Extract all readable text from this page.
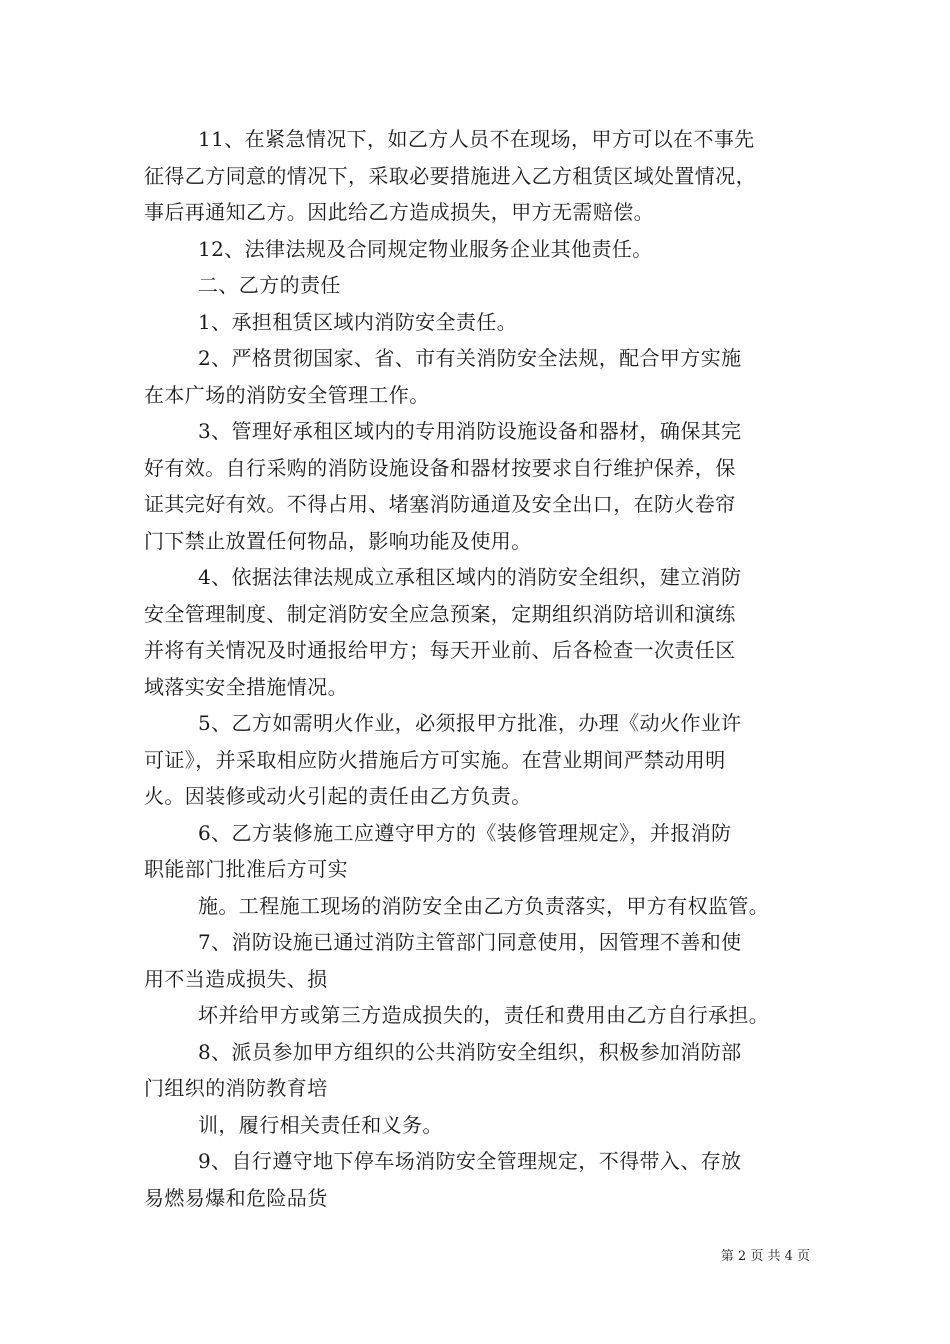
11、在紧急情况下，如乙方人员不在现场，甲方可以在不事先
征得乙方同意的情况下，采取必要措施进入乙方租赁区域处置情况，
事后再通知乙方。因此给乙方造成损失，甲方无需赔偿。
12、法律法规及合同规定物业服务企业其他责任。
二、乙方的责任
1、承担租赁区域内消防安全责任。
2、严格贯彻国家、省、市有关消防安全法规，配合甲方实施
在本广场的消防安全管理工作。
3、管理好承租区域内的专用消防设施设备和器材，确保其完
好有效。自行采购的消防设施设备和器材按要求自行维护保养，保
证其完好有效。不得占用、堵塞消防通道及安全出口，在防火卷帘
门下禁止放置任何物品，影响功能及使用。
4、依据法律法规成立承租区域内的消防安全组织，建立消防
安全管理制度、制定消防安全应急预案，定期组织消防培训和演练
并将有关情况及时通报给甲方；每天开业前、后各检查一次责任区
域落实安全措施情况。
5、乙方如需明火作业，必须报甲方批准，办理《动火作业许
可证》，并采取相应防火措施后方可实施。在营业期间严禁动用明
火。因装修或动火引起的责任由乙方负责。
6、乙方装修施工应遵守甲方的《装修管理规定》，并报消防
职能部门批准后方可实
施。工程施工现场的消防安全由乙方负责落实，甲方有权监管。
7、消防设施已通过消防主管部门同意使用，因管理不善和使
用不当造成损失、损
坏并给甲方或第三方造成损失的，责任和费用由乙方自行承担。
8、派员参加甲方组织的公共消防安全组织，积极参加消防部
门组织的消防教育培
训，履行相关责任和义务。
9、自行遵守地下停车场消防安全管理规定，不得带入、存放
易燃易爆和危险品货
第 2 页 共 4 页
